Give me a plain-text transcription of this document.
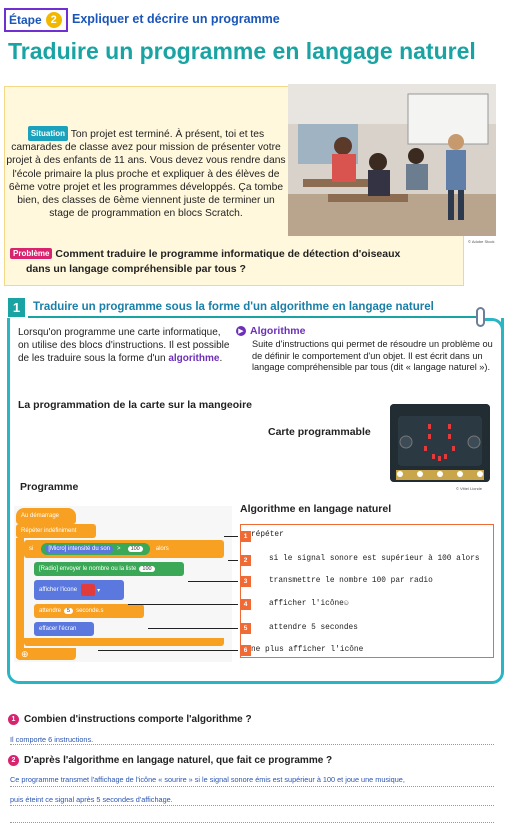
Étape 2	Expliquer et décrire un programme
Traduire un programme en langage naturel
© Adobe Stock
Situation Ton projet est terminé. À présent, toi et tes camarades de classe avez pour mission de présenter votre projet à des enfants de 11 ans. Vous devez vous rendre dans l'école primaire la plus proche et expliquer à des élèves de 6ème votre projet et les programmes développés. Ça tombe bien, des classes de 6ème viennent juste de terminer un stage de programmation en blocs Scratch.
Problème Comment traduire le programme informatique de détection d'oiseaux
dans un langage compréhensible par tous ?
1	Traduire un programme sous la forme d'un algorithme en langage naturel
Lorsqu'on programme une carte informatique, on utilise des blocs d'instructions. Il est possible de les traduire sous la forme d'un algorithme.
▶ Algorithme
Suite d'instructions qui permet de résoudre un problème ou de définir le comportement d'un objet. Il est écrit dans un langage compréhensible par tous (dit « langage naturel »).
La programmation de la carte sur la mangeoire
Carte programmable
© Vittel Lionde
Programme
Algorithme en langage naturel
Au démarrage
Répéter indéfiniment
si	[Micro] intensité du son	>	100	alors
[Radio] envoyer le nombre ou la liste	100
afficher l'icone	▾
attendre	5	seconde.s
effacer l'écran
⊕
répéter
si le signal sonore est supérieur à 100 alors
transmettre le nombre 100 par radio
afficher l'icône☺
attendre 5 secondes
ne plus afficher l'icône
1
2
3
4
5
6
1 Combien d'instructions comporte l'algorithme ?
Il comporte 6 instructions.
2 D'après l'algorithme en langage naturel, que fait ce programme ?
Ce programme transmet l'affichage de l'icône « sourire » si le signal sonore émis est supérieur à 100 et joue une musique,
puis éteint ce signal après 5 secondes d'affichage.
